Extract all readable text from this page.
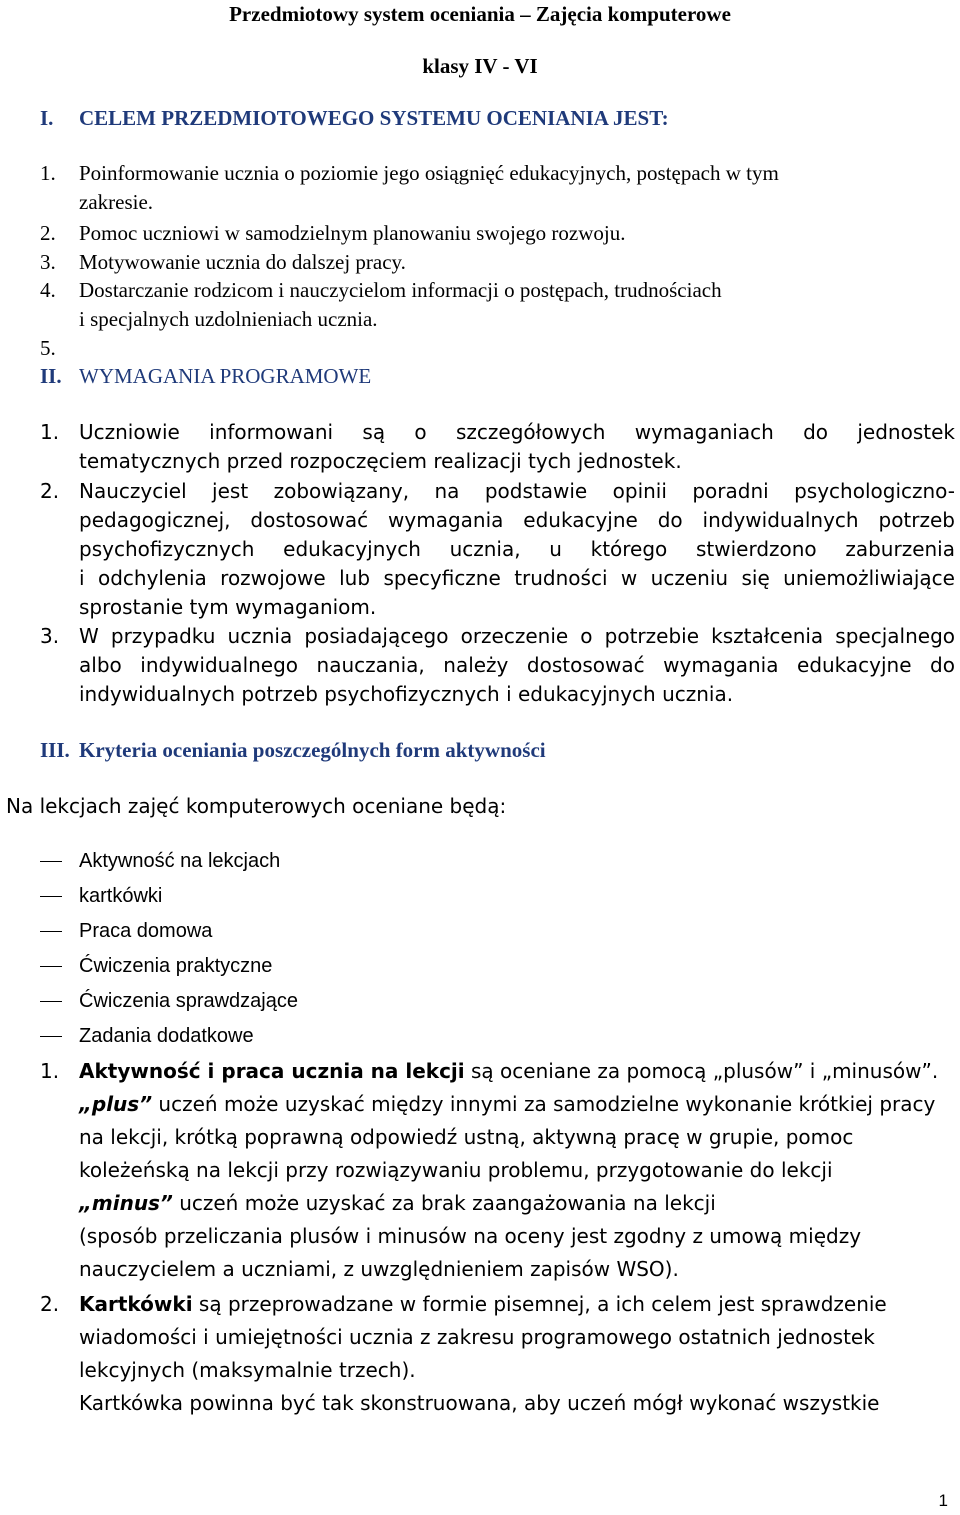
Przedmiotowy system oceniania – Zajęcia komputerowe
klasy IV - VI
I. CELEM PRZEDMIOTOWEGO SYSTEMU OCENIANIA JEST:
1. Poinformowanie ucznia o poziomie jego osiągnięć edukacyjnych, postępach w tym
zakresie.
2. Pomoc uczniowi w samodzielnym planowaniu swojego rozwoju.
3. Motywowanie ucznia do dalszej pracy.
4. Dostarczanie rodzicom i nauczycielom informacji o postępach, trudnościach
i specjalnych uzdolnieniach ucznia.
5.
II. WYMAGANIA PROGRAMOWE
1. Uczniowie informowani są o szczegółowych wymaganiach do jednostek
tematycznych przed rozpoczęciem realizacji tych jednostek.
2. Nauczyciel jest zobowiązany, na podstawie opinii poradni psychologiczno-
pedagogicznej, dostosować wymagania edukacyjne do indywidualnych potrzeb
psychofizycznych edukacyjnych ucznia, u którego stwierdzono zaburzenia
i odchylenia rozwojowe lub specyficzne trudności w uczeniu się uniemożliwiające
sprostanie tym wymaganiom.
3. W przypadku ucznia posiadającego orzeczenie o potrzebie kształcenia specjalnego
albo indywidualnego nauczania, należy dostosować wymagania edukacyjne do
indywidualnych potrzeb psychofizycznych i edukacyjnych ucznia.
III. Kryteria oceniania poszczególnych form aktywności
Na lekcjach zajęć komputerowych oceniane będą:
Aktywność na lekcjach
kartkówki
Praca domowa
Ćwiczenia praktyczne
Ćwiczenia sprawdzające
Zadania dodatkowe
1. Aktywność i praca ucznia na lekcji są oceniane za pomocą „plusów” i „minusów”.
„plus” uczeń może uzyskać między innymi za samodzielne wykonanie krótkiej pracy
na lekcji, krótką poprawną odpowiedź ustną, aktywną pracę w grupie, pomoc
koleżeńską na lekcji przy rozwiązywaniu problemu, przygotowanie do lekcji
„minus” uczeń może uzyskać za brak zaangażowania na lekcji
(sposób przeliczania plusów i minusów na oceny jest zgodny z umową między
nauczycielem a uczniami, z uwzględnieniem zapisów WSO).
2. Kartkówki są przeprowadzane w formie pisemnej, a ich celem jest sprawdzenie
wiadomości i umiejętności ucznia z zakresu programowego ostatnich jednostek
lekcyjnych (maksymalnie trzech).
Kartkówka powinna być tak skonstruowana, aby uczeń mógł wykonać wszystkie
1
